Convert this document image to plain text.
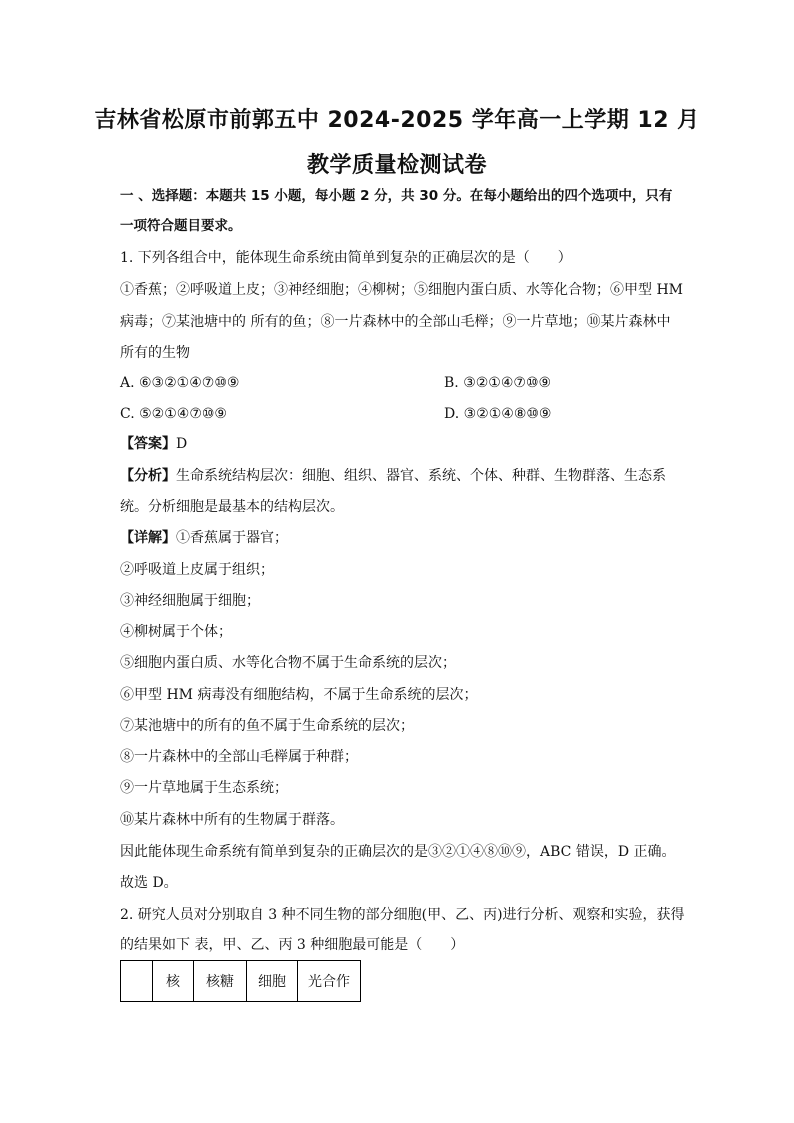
吉林省松原市前郭五中 2024-2025 学年高一上学期 12 月
教学质量检测试卷
一 、选择题：本题共 15 小题，每小题 2 分，共 30 分。在每小题给出的四个选项中，只有
一项符合题目要求。
1. 下列各组合中，能体现生命系统由简单到复杂的正确层次的是（　　）
①香蕉；②呼吸道上皮；③神经细胞；④柳树；⑤细胞内蛋白质、水等化合物；⑥甲型 HM
病毒；⑦某池塘中的 所有的鱼；⑧一片森林中的全部山毛榉；⑨一片草地；⑩某片森林中
所有的生物
A. ⑥③②①④⑦⑩⑨	B. ③②①④⑦⑩⑨
C. ⑤②①④⑦⑩⑨	D. ③②①④⑧⑩⑨
【答案】D
【分析】生命系统结构层次：细胞、组织、器官、系统、个体、种群、生物群落、生态系
统。分析细胞是最基本的结构层次。
【详解】①香蕉属于器官；
②呼吸道上皮属于组织；
③神经细胞属于细胞；
④柳树属于个体；
⑤细胞内蛋白质、水等化合物不属于生命系统的层次；
⑥甲型 HM 病毒没有细胞结构，不属于生命系统的层次；
⑦某池塘中的所有的鱼不属于生命系统的层次；
⑧一片森林中的全部山毛榉属于种群；
⑨一片草地属于生态系统；
⑩某片森林中所有的生物属于群落。
因此能体现生命系统有简单到复杂的正确层次的是③②①④⑧⑩⑨，ABC 错误，D 正确。
故选 D。
2. 研究人员对分别取自 3 种不同生物的部分细胞(甲、乙、丙)进行分析、观察和实验，获得
的结果如下 表，甲、乙、丙 3 种细胞最可能是（　　）
	核	核糖	细胞	光合作
